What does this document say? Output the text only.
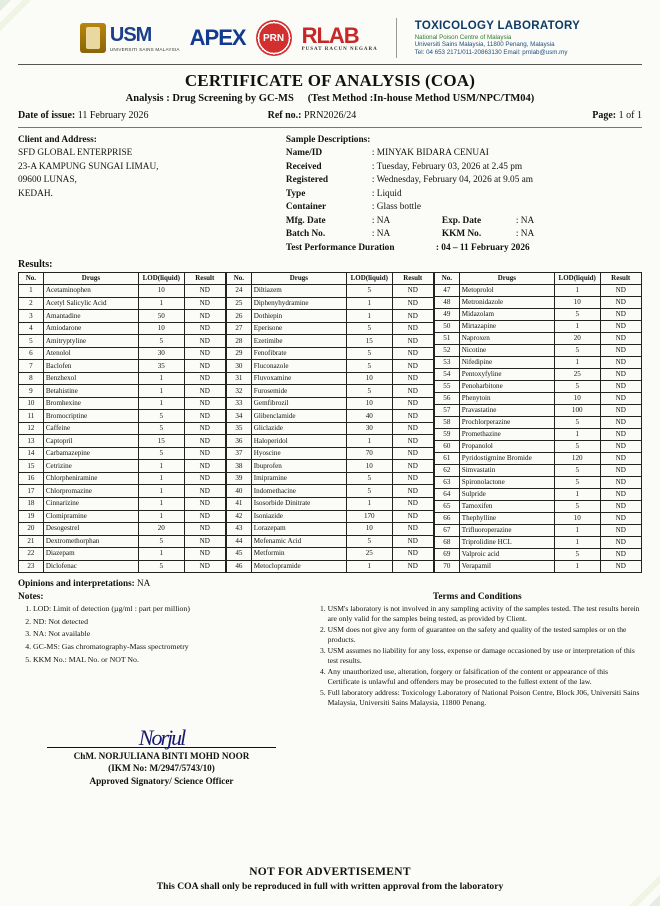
USM
UNIVERSITI SAINS MALAYSIA APEX PRN RLAB
PUSAT RACUN NEGARA
TOXICOLOGY LABORATORY
National Poison Centre of Malaysia
Universiti Sains Malaysia, 11800 Penang, Malaysia
Tel: 04 653 2171/011-20863130 Email: prnlab@usm.my
CERTIFICATE OF ANALYSIS (COA)
Analysis : Drug Screening by GC-MS (Test Method :In-house Method USM/NPC/TM04)
Date of issue: 11 February 2026	Ref no.: PRN2026/24	Page: 1 of 1
Client and Address:
SFD GLOBAL ENTERPRISE
23-A KAMPUNG SUNGAI LIMAU,
09600 LUNAS,
KEDAH.
Sample Descriptions:
Name/ID	: MINYAK BIDARA CENUAI
Received	: Tuesday, February 03, 2026 at 2.45 pm
Registered	: Wednesday, February 04, 2026 at 9.05 am
Type	: Liquid
Container	: Glass bottle
Mfg. Date	: NA	Exp. Date	: NA
Batch No.	: NA	KKM No.	: NA
Test Performance Duration	: 04 – 11 February 2026
Results:
No.	Drugs	LOD(liquid)	Result
1	Acetaminophen	10	ND
2	Acetyl Salicylic Acid	1	ND
3	Amantadine	50	ND
4	Amiodarone	10	ND
5	Amitryptyline	5	ND
6	Atenolol	30	ND
7	Baclofen	35	ND
8	Benzhexol	1	ND
9	Betahistine	1	ND
10	Bromhexine	1	ND
11	Bromocriptine	5	ND
12	Caffeine	5	ND
13	Captopril	15	ND
14	Carbamazepine	5	ND
15	Cetrizine	1	ND
16	Chlorpheniramine	1	ND
17	Chlorpromazine	1	ND
18	Cinnarizine	1	ND
19	Clomipramine	1	ND
20	Desogestrel	20	ND
21	Dextromethorphan	5	ND
22	Diazepam	1	ND
23	Diclofenac	5	ND
No.	Drugs	LOD(liquid)	Result
24	Diltiazem	5	ND
25	Diphenyhydramine	1	ND
26	Dothiepin	1	ND
27	Eperisone	5	ND
28	Ezetimibe	15	ND
29	Fenofibrate	5	ND
30	Fluconazole	5	ND
31	Fluvoxamine	10	ND
32	Furosemide	5	ND
33	Gemfibrozil	10	ND
34	Glibenclamide	40	ND
35	Gliclazide	30	ND
36	Haloperidol	1	ND
37	Hyoscine	70	ND
38	Ibuprofen	10	ND
39	Imipramine	5	ND
40	Indomethacine	5	ND
41	Isosorbide Dinitrate	1	ND
42	Isoniazide	170	ND
43	Lorazepam	10	ND
44	Mefenamic Acid	5	ND
45	Metformin	25	ND
46	Metoclopramide	1	ND
No.	Drugs	LOD(liquid)	Result
47	Metoprolol	1	ND
48	Metronidazole	10	ND
49	Midazolam	5	ND
50	Mirtazapine	1	ND
51	Naproxen	20	ND
52	Nicotine	5	ND
53	Nifedipine	1	ND
54	Pentoxyfyline	25	ND
55	Penoharbitone	5	ND
56	Phenytoin	10	ND
57	Pravastatine	100	ND
58	Prochlorperazine	5	ND
59	Promethazine	1	ND
60	Propanolol	5	ND
61	Pyridostigmine Bromide	120	ND
62	Simvastatin	5	ND
63	Spironolactone	5	ND
64	Sulpride	1	ND
65	Tamoxifen	5	ND
66	Thephylline	10	ND
67	Trifluoroperazine	1	ND
68	Triprolidine HCL	1	ND
69	Valproic acid	5	ND
70	Verapamil	1	ND
Opinions and interpretations: NA
Notes:
1. LOD: Limit of detection (µg/ml : part per million)
2. ND: Not detected
3. NA: Not available
4. GC-MS: Gas chromatography-Mass spectrometry
5. KKM No.: MAL No. or NOT No.
Terms and Conditions
1. USM's laboratory is not involved in any sampling activity of the samples tested. The test results herein are only valid for the samples being tested, as provided by Client.
2. USM does not give any form of guarantee on the safety and quality of the tested samples or on the products.
3. USM assumes no liability for any loss, expense or damage occasioned by use or interpretation of this test results.
4. Any unauthorized use, alteration, forgery or falsification of the content or appearance of this Certificate is unlawful and offenders may be prosecuted to the fullest extent of the law.
5. Full laboratory address: Toxicology Laboratory of National Poison Centre, Block J06, Universiti Sains Malaysia, Universiti Sains Malaysia, 11800 Penang.
Norjul
ChM. NORJULIANA BINTI MOHD NOOR
(IKM No: M/2947/5743/10)
Approved Signatory/ Science Officer
NOT FOR ADVERTISEMENT
This COA shall only be reproduced in full with written approval from the laboratory
